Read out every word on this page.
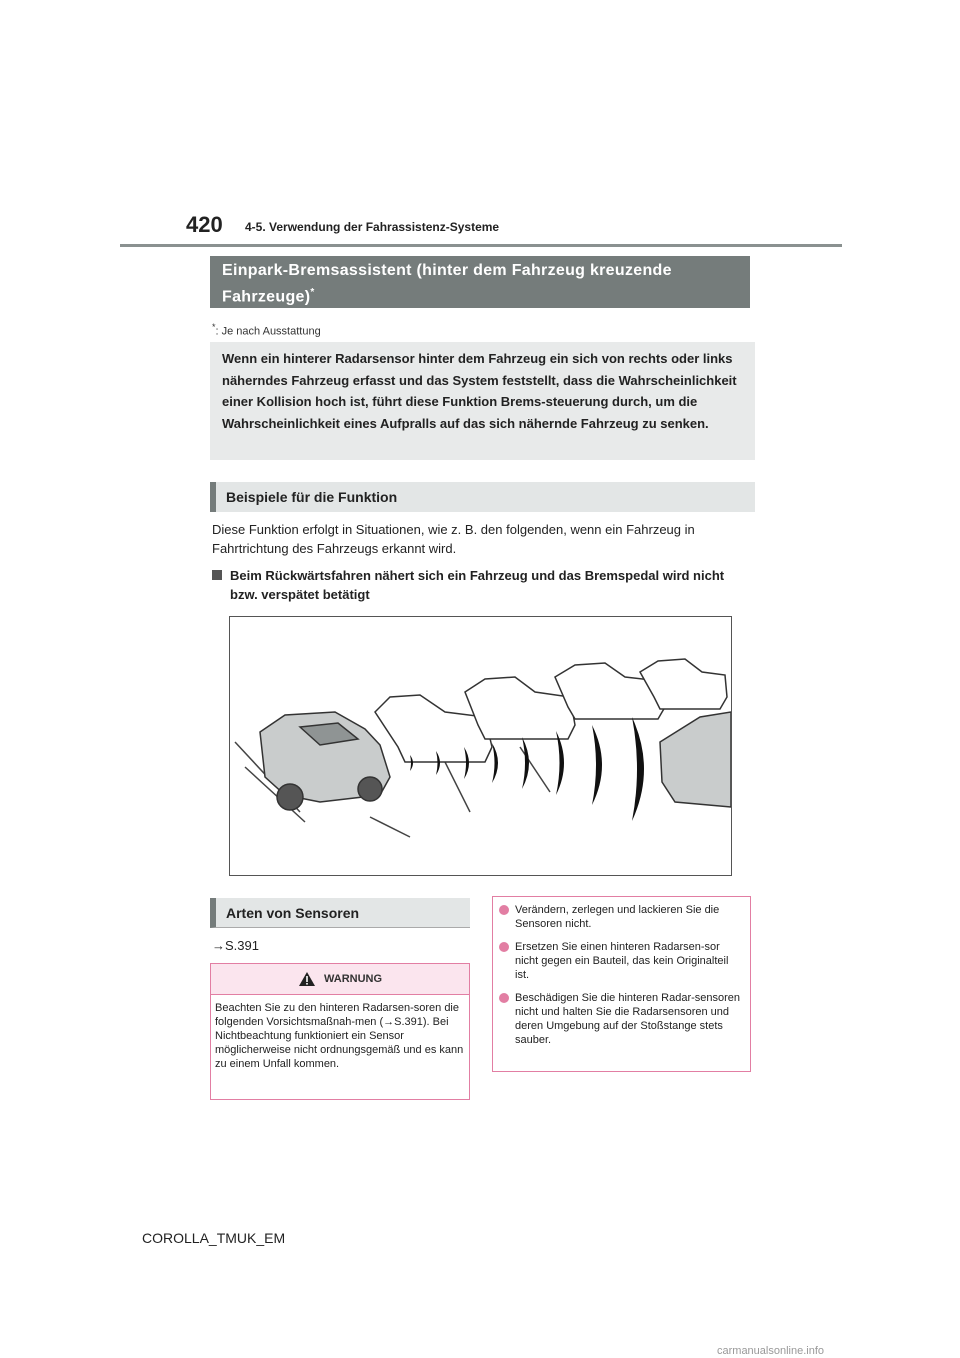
420 4-5. Verwendung der Fahrassistenz-Systeme
Einpark-Bremsassistent (hinter dem Fahrzeug kreuzende Fahrzeuge)*
*: Je nach Ausstattung
Wenn ein hinterer Radarsensor hinter dem Fahrzeug ein sich von rechts oder links näherndes Fahrzeug erfasst und das System feststellt, dass die Wahrscheinlichkeit einer Kollision hoch ist, führt diese Funktion Brems-steuerung durch, um die Wahrscheinlichkeit eines Aufpralls auf das sich nähernde Fahrzeug zu senken.
Beispiele für die Funktion
Diese Funktion erfolgt in Situationen, wie z. B. den folgenden, wenn ein Fahrzeug in Fahrtrichtung des Fahrzeugs erkannt wird.
Beim Rückwärtsfahren nähert sich ein Fahrzeug und das Bremspedal wird nicht bzw. verspätet betätigt
Arten von Sensoren
→S.391
WARNUNG
Beachten Sie zu den hinteren Radarsen-soren die folgenden Vorsichtsmaßnah-men (→S.391). Bei Nichtbeachtung funktioniert ein Sensor möglicherweise nicht ordnungsgemäß und es kann zu einem Unfall kommen.
Verändern, zerlegen und lackieren Sie die Sensoren nicht.
Ersetzen Sie einen hinteren Radarsen-sor nicht gegen ein Bauteil, das kein Originalteil ist.
Beschädigen Sie die hinteren Radar-sensoren nicht und halten Sie die Radarsensoren und deren Umgebung auf der Stoßstange stets sauber.
COROLLA_TMUK_EM
carmanualsonline.info
